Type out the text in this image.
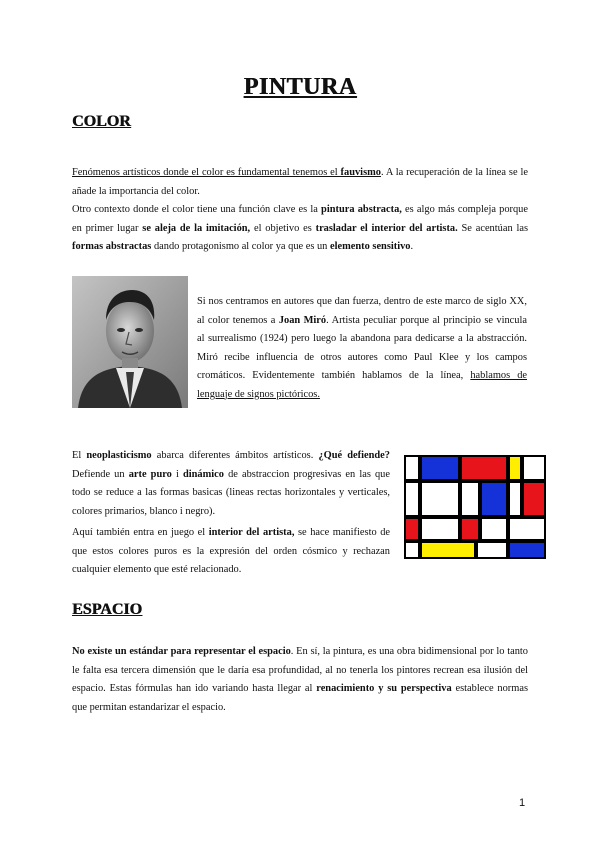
PINTURA
COLOR

Fenómenos artísticos donde el color es fundamental tenemos el fauvismo. A la recuperación de la línea se le añade la importancia del color.

Otro contexto donde el color tiene una función clave es la pintura abstracta, es algo más compleja porque en primer lugar se aleja de la imitación, el objetivo es trasladar el interior del artista. Se acentúan las formas abstractas dando protagonismo al color ya que es un elemento sensitivo.

Si nos centramos en autores que dan fuerza, dentro de este marco de siglo XX, al color tenemos a Joan Miró. Artista peculiar porque al principio se vincula al surrealismo (1924) pero luego la abandona para dedicarse a la abstracción. Miró recibe influencia de otros autores como Paul Klee y los campos cromáticos. Evidentemente también hablamos de la línea, hablamos de lenguaje de signos pictóricos.

El neoplasticismo abarca diferentes ámbitos artísticos. ¿Qué defiende? Defiende un arte puro i dinámico de abstraccion progresivas en las que todo se reduce a las formas basicas (lineas rectas horizontales y verticales, colores primarios, blanco i negro).

Aquí también entra en juego el interior del artista, se hace manifiesto de que estos colores puros es la expresión del orden cósmico y rechazan cualquier elemento que esté relacionado.

ESPACIO

No existe un estándar para representar el espacio. En sí, la pintura, es una obra bidimensional por lo tanto le falta esa tercera dimensión que le daría esa profundidad, al no tenerla los pintores recrean esa ilusión del espacio. Estas fórmulas han ido variando hasta llegar al renacimiento y su perspectiva establece normas que permitan estandarizar el espacio.

1
